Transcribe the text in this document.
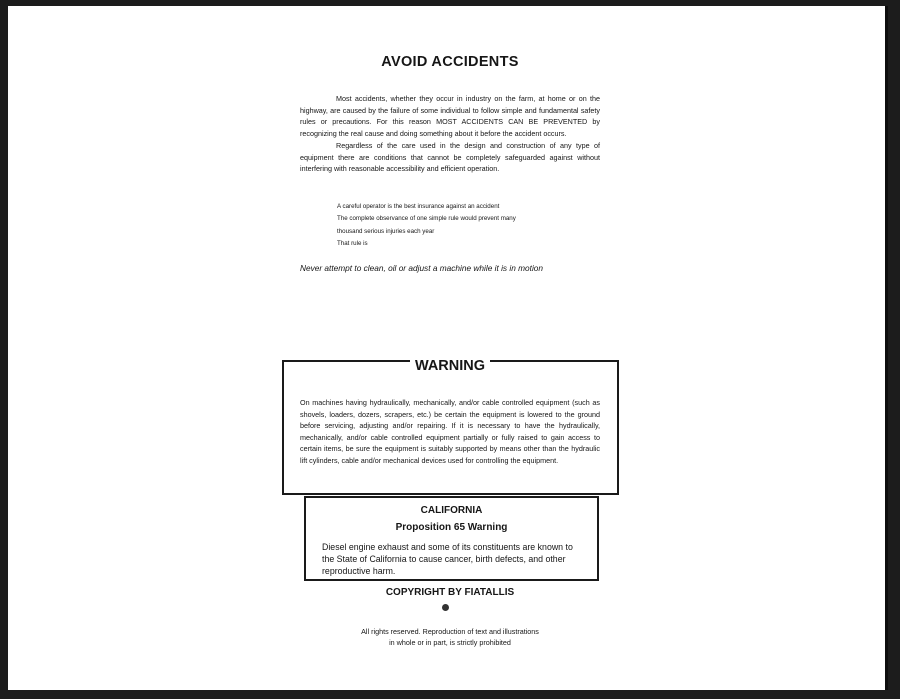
AVOID ACCIDENTS

Most accidents, whether they occur in industry on the farm, at home or on the highway, are caused by the failure of some individual to follow simple and fundamental safety rules or precautions. For this reason MOST ACCIDENTS CAN BE PREVENTED by recognizing the real cause and doing something about it before the accident occurs.

Regardless of the care used in the design and construction of any type of equipment there are conditions that cannot be completely safeguarded against without interfering with reasonable accessibility and efficient operation.

A careful operator is the best insurance against an accident
The complete observance of one simple rule would prevent many
thousand serious injuries each year
That rule is
Never attempt to clean, oil or adjust a machine while it is in motion
WARNING
On machines having hydraulically, mechanically, and/or cable controlled equipment (such as shovels, loaders, dozers, scrapers, etc.) be certain the equipment is lowered to the ground before servicing, adjusting and/or repairing. If it is necessary to have the hydraulically, mechanically, and/or cable controlled equipment partially or fully raised to gain access to certain items, be sure the equipment is suitably supported by means other than the hydraulic lift cylinders, cable and/or mechanical devices used for controlling the equipment.
CALIFORNIA
Proposition 65 Warning
Diesel engine exhaust and some of its constituents are known to the State of California to cause cancer, birth defects, and other reproductive harm.
COPYRIGHT BY FIATALLIS
All rights reserved. Reproduction of text and illustrations
in whole or in part, is strictly prohibited
